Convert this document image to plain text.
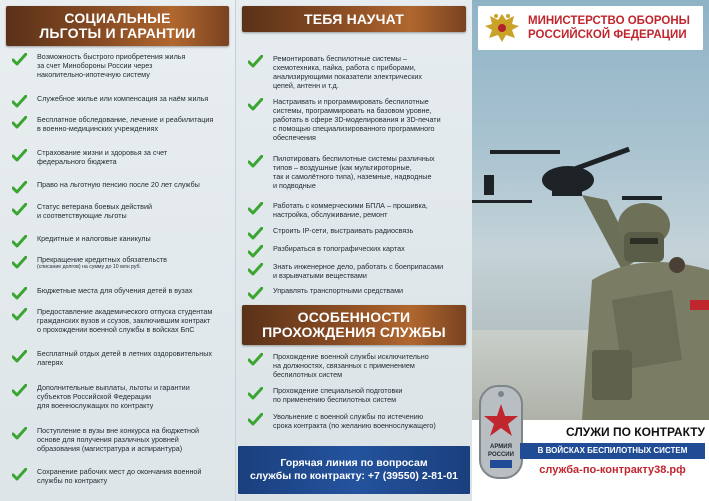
СОЦИАЛЬНЫЕ
ЛЬГОТЫ И ГАРАНТИИ
Возможность быстрого приобретения жилья
за счет Минобороны России через
накопительно-ипотечную систему
Служебное жилье или компенсация за наём жилья
Бесплатное обследование, лечение и реабилитация
в военно-медицинских учреждениях
Страхование жизни и здоровья за счет
федерального бюджета
Право на льготную пенсию после 20 лет службы
Статус ветерана боевых действий
и соответствующие льготы
Кредитные и налоговые каникулы
Прекращение кредитных обязательств
(списание долгов) на сумму до 10 млн руб.
Бюджетные места для обучения детей в вузах
Предоставление академического отпуска студентам
гражданских вузов и ссузов, заключившим контракт
о прохождении военной службы в войсках БпС
Бесплатный отдых детей в летних оздоровительных
лагерях
Дополнительные выплаты, льготы и гарантии
субъектов Российской Федерации
для военнослужащих по контракту
Поступление в вузы вне конкурса на бюджетной
основе для получения различных уровней
образования (магистратура и аспирантура)
Сохранение рабочих мест до окончания военной
службы по контракту
ТЕБЯ НАУЧАТ
Ремонтировать беспилотные системы –
схемотехника, пайка, работа с приборами,
анализирующими показатели электрических
цепей, антенн и т.д.
Настраивать и программировать беспилотные
системы, программировать на базовом уровне,
работать в сфере 3D-моделирования и 3D-печати
с помощью специализированного программного
обеспечения
Пилотировать беспилотные системы различных
типов – воздушные (как мультироторные,
так и самолётного типа), наземные, надводные
и подводные
Работать с коммерческими БПЛА – прошивка,
настройка, обслуживание, ремонт
Строить IP-сети, выстраивать радиосвязь
Разбираться в топографических картах
Знать инженерное дело, работать с боеприпасами
и взрывчатыми веществами
Управлять транспортными средствами
ОСОБЕННОСТИ
ПРОХОЖДЕНИЯ СЛУЖБЫ
Прохождение военной службы исключительно
на должностях, связанных с применением
беспилотных систем
Прохождение специальной подготовки
по применению беспилотных систем
Увольнение с военной службы по истечению
срока контракта (по желанию военнослужащего)
Горячая линия по вопросам
службы по контракту: +7 (39550) 2-81-01
МИНИСТЕРСТВО ОБОРОНЫ
РОССИЙСКОЙ ФЕДЕРАЦИИ
АРМИЯ
РОССИИ
СЛУЖИ ПО КОНТРАКТУ
В ВОЙСКАХ БЕСПИЛОТНЫХ СИСТЕМ
служба-по-контракту38.рф
